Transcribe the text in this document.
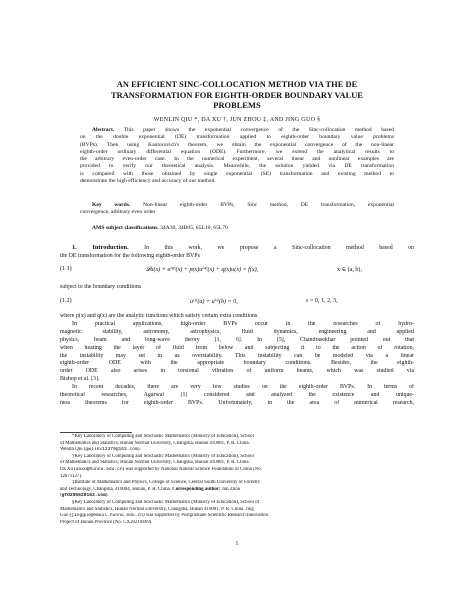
AN EFFICIENT SINC-COLLOCATION METHOD VIA THE DE
TRANSFORMATION FOR EIGHTH-ORDER BOUNDARY VALUE
PROBLEMS
WENLIN QIU *, DA XU †, JUN ZHOU ‡, AND JING GUO §
Abstract. This paper shows the exponential convergence of the Sinc-collocation method based
on the double exponential (DE) transformation applied to eighth-order boundary value problems
(BVPs). Then using Kantorovich's theorem, we obtain the exponential convergence of the non-linear
eighth-order ordinary differential equation (ODE). Furthermore, we extend the analytical results to
the arbitrary even-order case. In the numerical experiment, several linear and nonlinear examples are
provided to verify our theoretical analysis. Meanwhile, the solution yielded via DE transformation
is compared with those obtained by single exponential (SE) transformation and existing method to
demonstrate the high efficiency and accuracy of our method.
Key words. Non-linear eighth-order BVPs, Sinc method, DE transformation, exponential
convergence, arbitrary even order
AMS subject classifications. 34A30, 34B05, 65L10, 65L70
1. Introduction.	In this work, we propose a Sinc-collocation method based on
the DE transformation for the following eighth-order BVPs
(1.1)	𝓛u(x) ≡ u⁽⁸⁾(x) + p(x)u⁽⁴⁾(x) + q(x)u(x) = f(x),	x ∈ (a, b),
subject to the boundary conditions
(1.2)	u⁽ˢ⁾(a) = u⁽ˢ⁾(b) = 0,	s = 0, 1, 2, 3,
where p(x) and q(x) are the analytic functions which satisfy certain extra conditions.
In practical applications, high-order BVPs occur in the researches of hydro-
magnetic stability, astronomy, astrophysics, fluid dynamics, engineering and applied
physics, beam and long-wave theory [1, 6]. In [5], Chandrasekhar pointed out that
when heating the layer of fluid from below and subjecting it to the action of rotation,
the instability may set in as overstability. This instability can be modeled via a linear
eighth-order ODE with the appropriate boundary conditions. Besides, the eighth-
order ODE also arises in torsional vibration of uniform beams, which was studied via
Bishop et al. [3].
In recent decades, there are very few studies on the eighth-order BVPs. In terms of
theoretical researches, Agarwal [1] considered and analyzed the existence and unique-
ness theorems for eighth-order BVPs. Unfortunately, in the area of numerical research,
*Key Laboratory of Computing and Stochastic Mathematics (Ministry of Education), School
of Mathematics and Statistics, Hunan Normal University, Changsha, Hunan 410081, P. R. China.
Wenlin Qiu (qwllkx12379@163.com).
†Key Laboratory of Computing and Stochastic Mathematics (Ministry of Education), School
of Mathematics and Statistics, Hunan Normal University, Changsha, Hunan 410081, P. R. China.
Da Xu (daxu@hunnu.edu.cn) was supported by National Natural Science Foundation of China (No.
12071127).
‡Institute of Mathematics and Physics, College of Science, Central South University of Forestry
and Technology, Changsha, 410004, Hunan, P. R. China. Corresponding author: Jun Zhou
(gfd255620163.com).
§Key Laboratory of Computing and Stochastic Mathematics (Ministry of Education), School of
Mathematics and Statistics, Hunan Normal University, Changsha, Hunan 410081, P. R. China. Jing
Guo (jingguo@email.hunnu.edu.cn) was supported by Postgraduate Scientific Research Innovation
Project of Hunan Province (No. CX20210469).
1
